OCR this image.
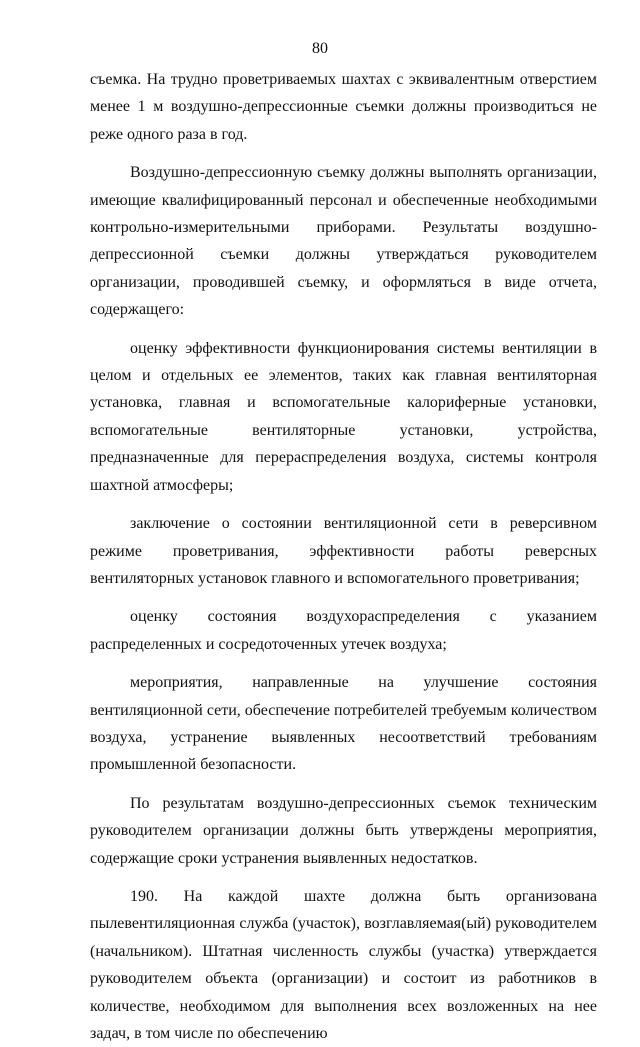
80

съемка. На трудно проветриваемых шахтах с эквивалентным отверстием менее 1 м воздушно-депрессионные съемки должны производиться не реже одного раза в год.

Воздушно-депрессионную съемку должны выполнять организации, имеющие квалифицированный персонал и обеспеченные необходимыми контрольно-измерительными приборами. Результаты воздушно-депрессионной съемки должны утверждаться руководителем организации, проводившей съемку, и оформляться в виде отчета, содержащего:

оценку эффективности функционирования системы вентиляции в целом и отдельных ее элементов, таких как главная вентиляторная установка, главная и вспомогательные калориферные установки, вспомогательные вентиляторные установки, устройства, предназначенные для перераспределения воздуха, системы контроля шахтной атмосферы;

заключение о состоянии вентиляционной сети в реверсивном режиме проветривания, эффективности работы реверсных вентиляторных установок главного и вспомогательного проветривания;

оценку состояния воздухораспределения с указанием распределенных и сосредоточенных утечек воздуха;

мероприятия, направленные на улучшение состояния вентиляционной сети, обеспечение потребителей требуемым количеством воздуха, устранение выявленных несоответствий требованиям промышленной безопасности.

По результатам воздушно-депрессионных съемок техническим руководителем организации должны быть утверждены мероприятия, содержащие сроки устранения выявленных недостатков.

190. На каждой шахте должна быть организована пылевентиляционная служба (участок), возглавляемая(ый) руководителем (начальником). Штатная численность службы (участка) утверждается руководителем объекта (организации) и состоит из работников в количестве, необходимом для выполнения всех возложенных на нее задач, в том числе по обеспечению
